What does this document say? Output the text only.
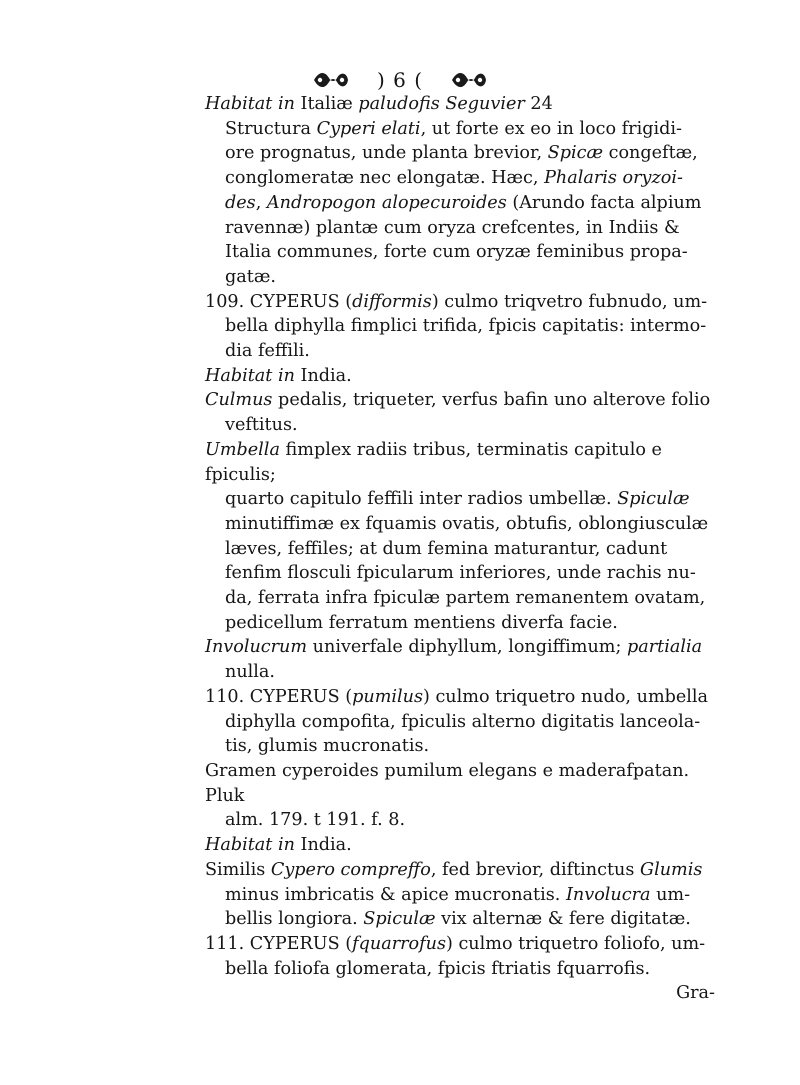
) 6 (

Habitat in Italiæ paludofis Seguvier 24

Structura Cyperi elati, ut forte ex eo in loco frigidi-

ore prognatus, unde planta brevior, Spicæ congeftæ,

conglomeratæ nec elongatæ. Hæc, Phalaris oryzoi-

des, Andropogon alopecuroides (Arundo facta alpium

ravennæ) plantæ cum oryza crefcentes, in Indiis &

Italia communes, forte cum oryzæ feminibus propa-

gatæ.

109. CYPERUS (difformis) culmo triqvetro fubnudo, um-

bella diphylla fimplici trifida, fpicis capitatis: intermo-

dia feffili.

Habitat in India.

Culmus pedalis, triqueter, verfus bafin uno alterove folio

veftitus.

Umbella fimplex radiis tribus, terminatis capitulo e fpiculis;

quarto capitulo feffili inter radios umbellæ. Spiculæ

minutiffimæ ex fquamis ovatis, obtufis, oblongiusculæ

læves, feffiles; at dum femina maturantur, cadunt

fenfim flosculi fpicularum inferiores, unde rachis nu-

da, ferrata infra fpiculæ partem remanentem ovatam,

pedicellum ferratum mentiens diverfa facie.

Involucrum univerfale diphyllum, longiffimum; partialia

nulla.

110. CYPERUS (pumilus) culmo triquetro nudo, umbella

diphylla compofita, fpiculis alterno digitatis lanceola-

tis, glumis mucronatis.

Gramen cyperoides pumilum elegans e maderafpatan. Pluk

alm. 179. t 191. f. 8.

Habitat in India.

Similis Cypero compreffo, fed brevior, diftinctus Glumis

minus imbricatis & apice mucronatis. Involucra um-

bellis longiora. Spiculæ vix alternæ & fere digitatæ.

111. CYPERUS (fquarrofus) culmo triquetro foliofo, um-

bella foliofa glomerata, fpicis ftriatis fquarrofis.

Gra-
